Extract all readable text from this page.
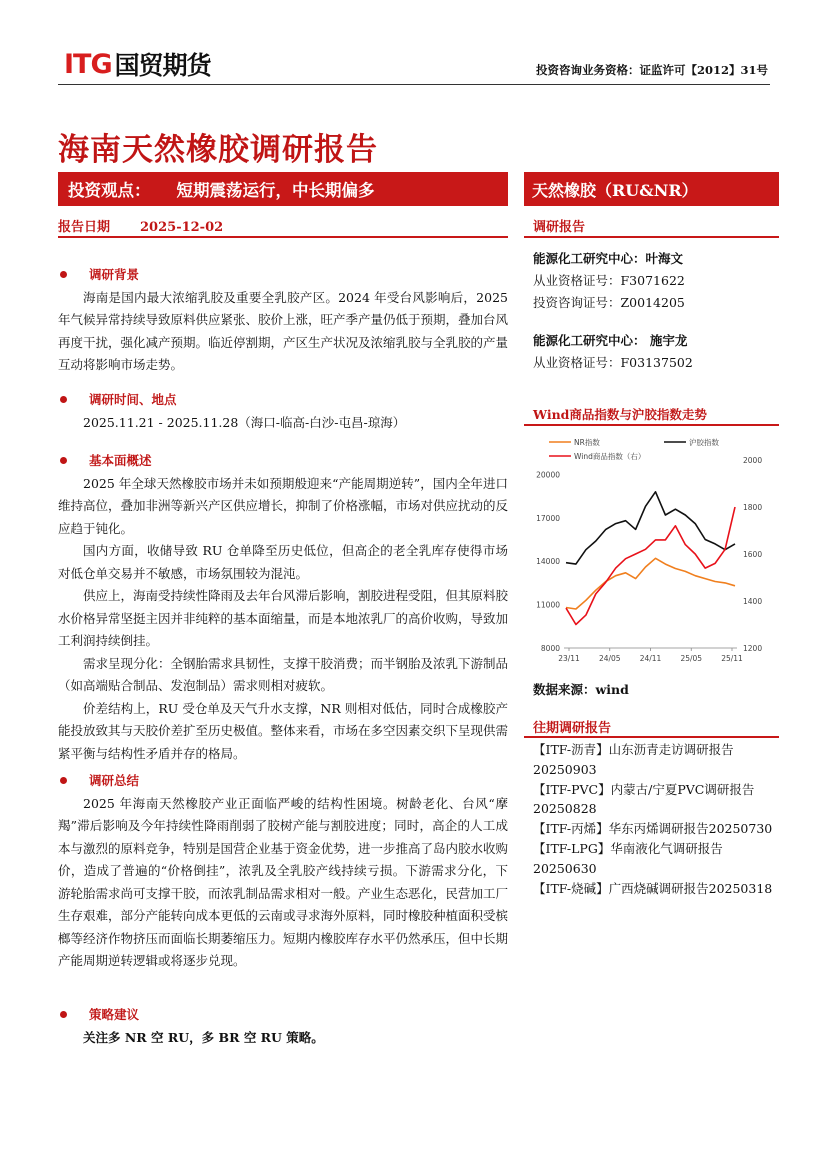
ITG 国贸期货	投资咨询业务资格：证监许可【2012】31号
海南天然橡胶调研报告
投资观点： 短期震荡运行，中长期偏多	天然橡胶（RU&NR）
报告日期 2025-12-02	调研报告
调研背景
海南是国内最大浓缩乳胶及重要全乳胶产区。2024 年受台风影响后，2025 年气候异常持续导致原料供应紧张、胶价上涨，旺产季产量仍低于预期，叠加台风再度干扰，强化减产预期。临近停割期，产区生产状况及浓缩乳胶与全乳胶的产量互动将影响市场走势。
调研时间、地点
2025.11.21 - 2025.11.28（海口-临高-白沙-屯昌-琼海）
基本面概述
2025 年全球天然橡胶市场并未如预期般迎来“产能周期逆转”，国内全年进口维持高位，叠加非洲等新兴产区供应增长，抑制了价格涨幅，市场对供应扰动的反应趋于钝化。
国内方面，收储导致 RU 仓单降至历史低位，但高企的老全乳库存使得市场对低仓单交易并不敏感，市场氛围较为混沌。
供应上，海南受持续性降雨及去年台风滞后影响，割胶进程受阻，但其原料胶水价格异常坚挺主因并非纯粹的基本面缩量，而是本地浓乳厂的高价收购，导致加工利润持续倒挂。
需求呈现分化：全钢胎需求具韧性，支撑干胶消费；而半钢胎及浓乳下游制品（如高端贴合制品、发泡制品）需求则相对疲软。
价差结构上，RU 受仓单及天气升水支撑，NR 则相对低估，同时合成橡胶产能投放致其与天胶价差扩至历史极值。整体来看，市场在多空因素交织下呈现供需紧平衡与结构性矛盾并存的格局。
调研总结
2025 年海南天然橡胶产业正面临严峻的结构性困境。树龄老化、台风“摩羯”滞后影响及今年持续性降雨削弱了胶树产能与割胶进度；同时，高企的人工成本与激烈的原料竞争，特别是国营企业基于资金优势，进一步推高了岛内胶水收购价，造成了普遍的“价格倒挂”，浓乳及全乳胶产线持续亏损。下游需求分化，下游轮胎需求尚可支撑干胶，而浓乳制品需求相对一般。产业生态恶化，民营加工厂生存艰难，部分产能转向成本更低的云南或寻求海外原料，同时橡胶种植面积受槟榔等经济作物挤压而面临长期萎缩压力。短期内橡胶库存水平仍然承压，但中长期产能周期逆转逻辑或将逐步兑现。
策略建议
关注多 NR 空 RU，多 BR 空 RU 策略。
能源化工研究中心：叶海文
从业资格证号：F3071622
投资咨询证号：Z0014205
能源化工研究中心： 施宇龙
从业资格证号：F03137502
Wind商品指数与沪胶指数走势
8000
11000
14000
17000
20000
1200
1400
1600
1800
2000
23/11	24/05	24/11	25/05	25/11
NR指数	沪胶指数
Wind商品指数（右）
数据来源：wind
往期调研报告
【ITF-沥青】山东沥青走访调研报告20250903
【ITF-PVC】内蒙古/宁夏PVC调研报告20250828
【ITF-丙烯】华东丙烯调研报告20250730
【ITF-LPG】华南液化气调研报告20250630
【ITF-烧碱】广西烧碱调研报告20250318
